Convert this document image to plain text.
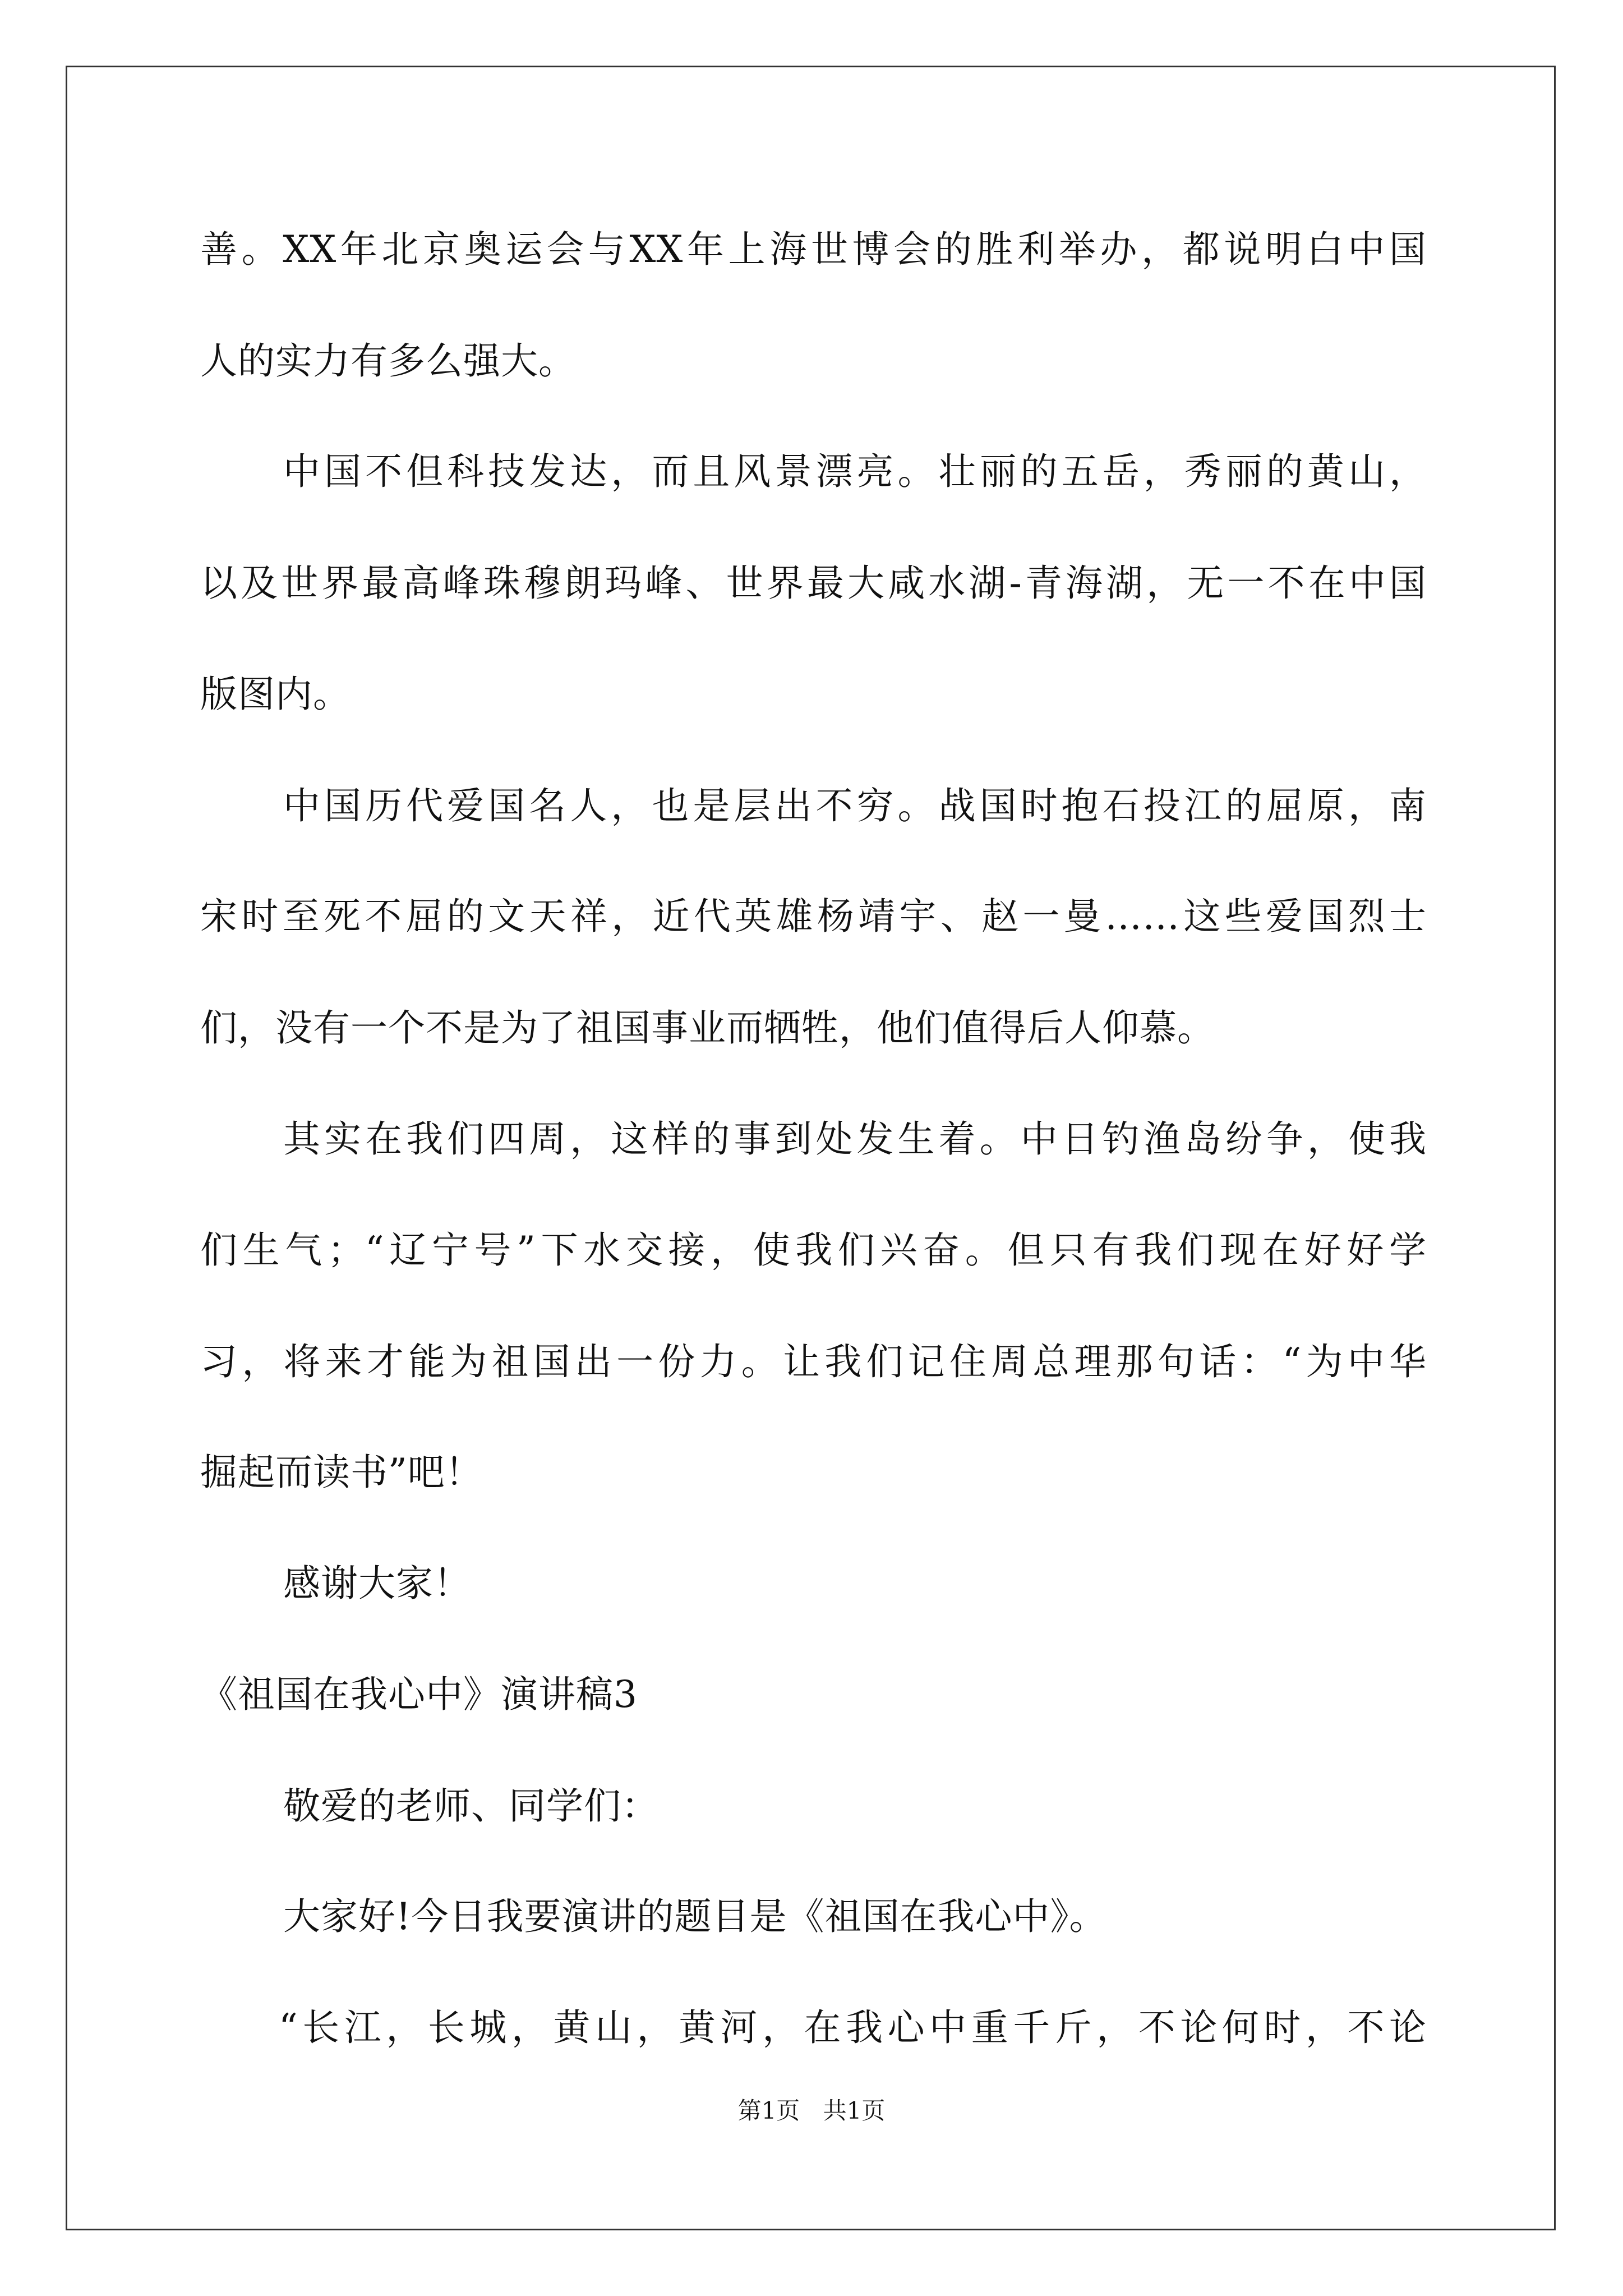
善。XX年北京奥运会与XX年上海世博会的胜利举办，都说明白中国
人的实力有多么强大。
中国不但科技发达，而且风景漂亮。壮丽的五岳，秀丽的黄山，
以及世界最高峰珠穆朗玛峰、世界最大咸水湖-青海湖，无一不在中国
版图内。
中国历代爱国名人，也是层出不穷。战国时抱石投江的屈原，南
宋时至死不屈的文天祥，近代英雄杨靖宇、赵一曼……这些爱国烈士
们，没有一个不是为了祖国事业而牺牲，他们值得后人仰慕。
其实在我们四周，这样的事到处发生着。中日钓渔岛纷争，使我
们生气；“辽宁号”下水交接，使我们兴奋。但只有我们现在好好学
习，将来才能为祖国出一份力。让我们记住周总理那句话：“为中华
掘起而读书”吧！
感谢大家！
《祖国在我心中》演讲稿3
敬爱的老师、同学们：
大家好!今日我要演讲的题目是《祖国在我心中》。
“长江，长城，黄山，黄河，在我心中重千斤，不论何时，不论
第1页 共1页
